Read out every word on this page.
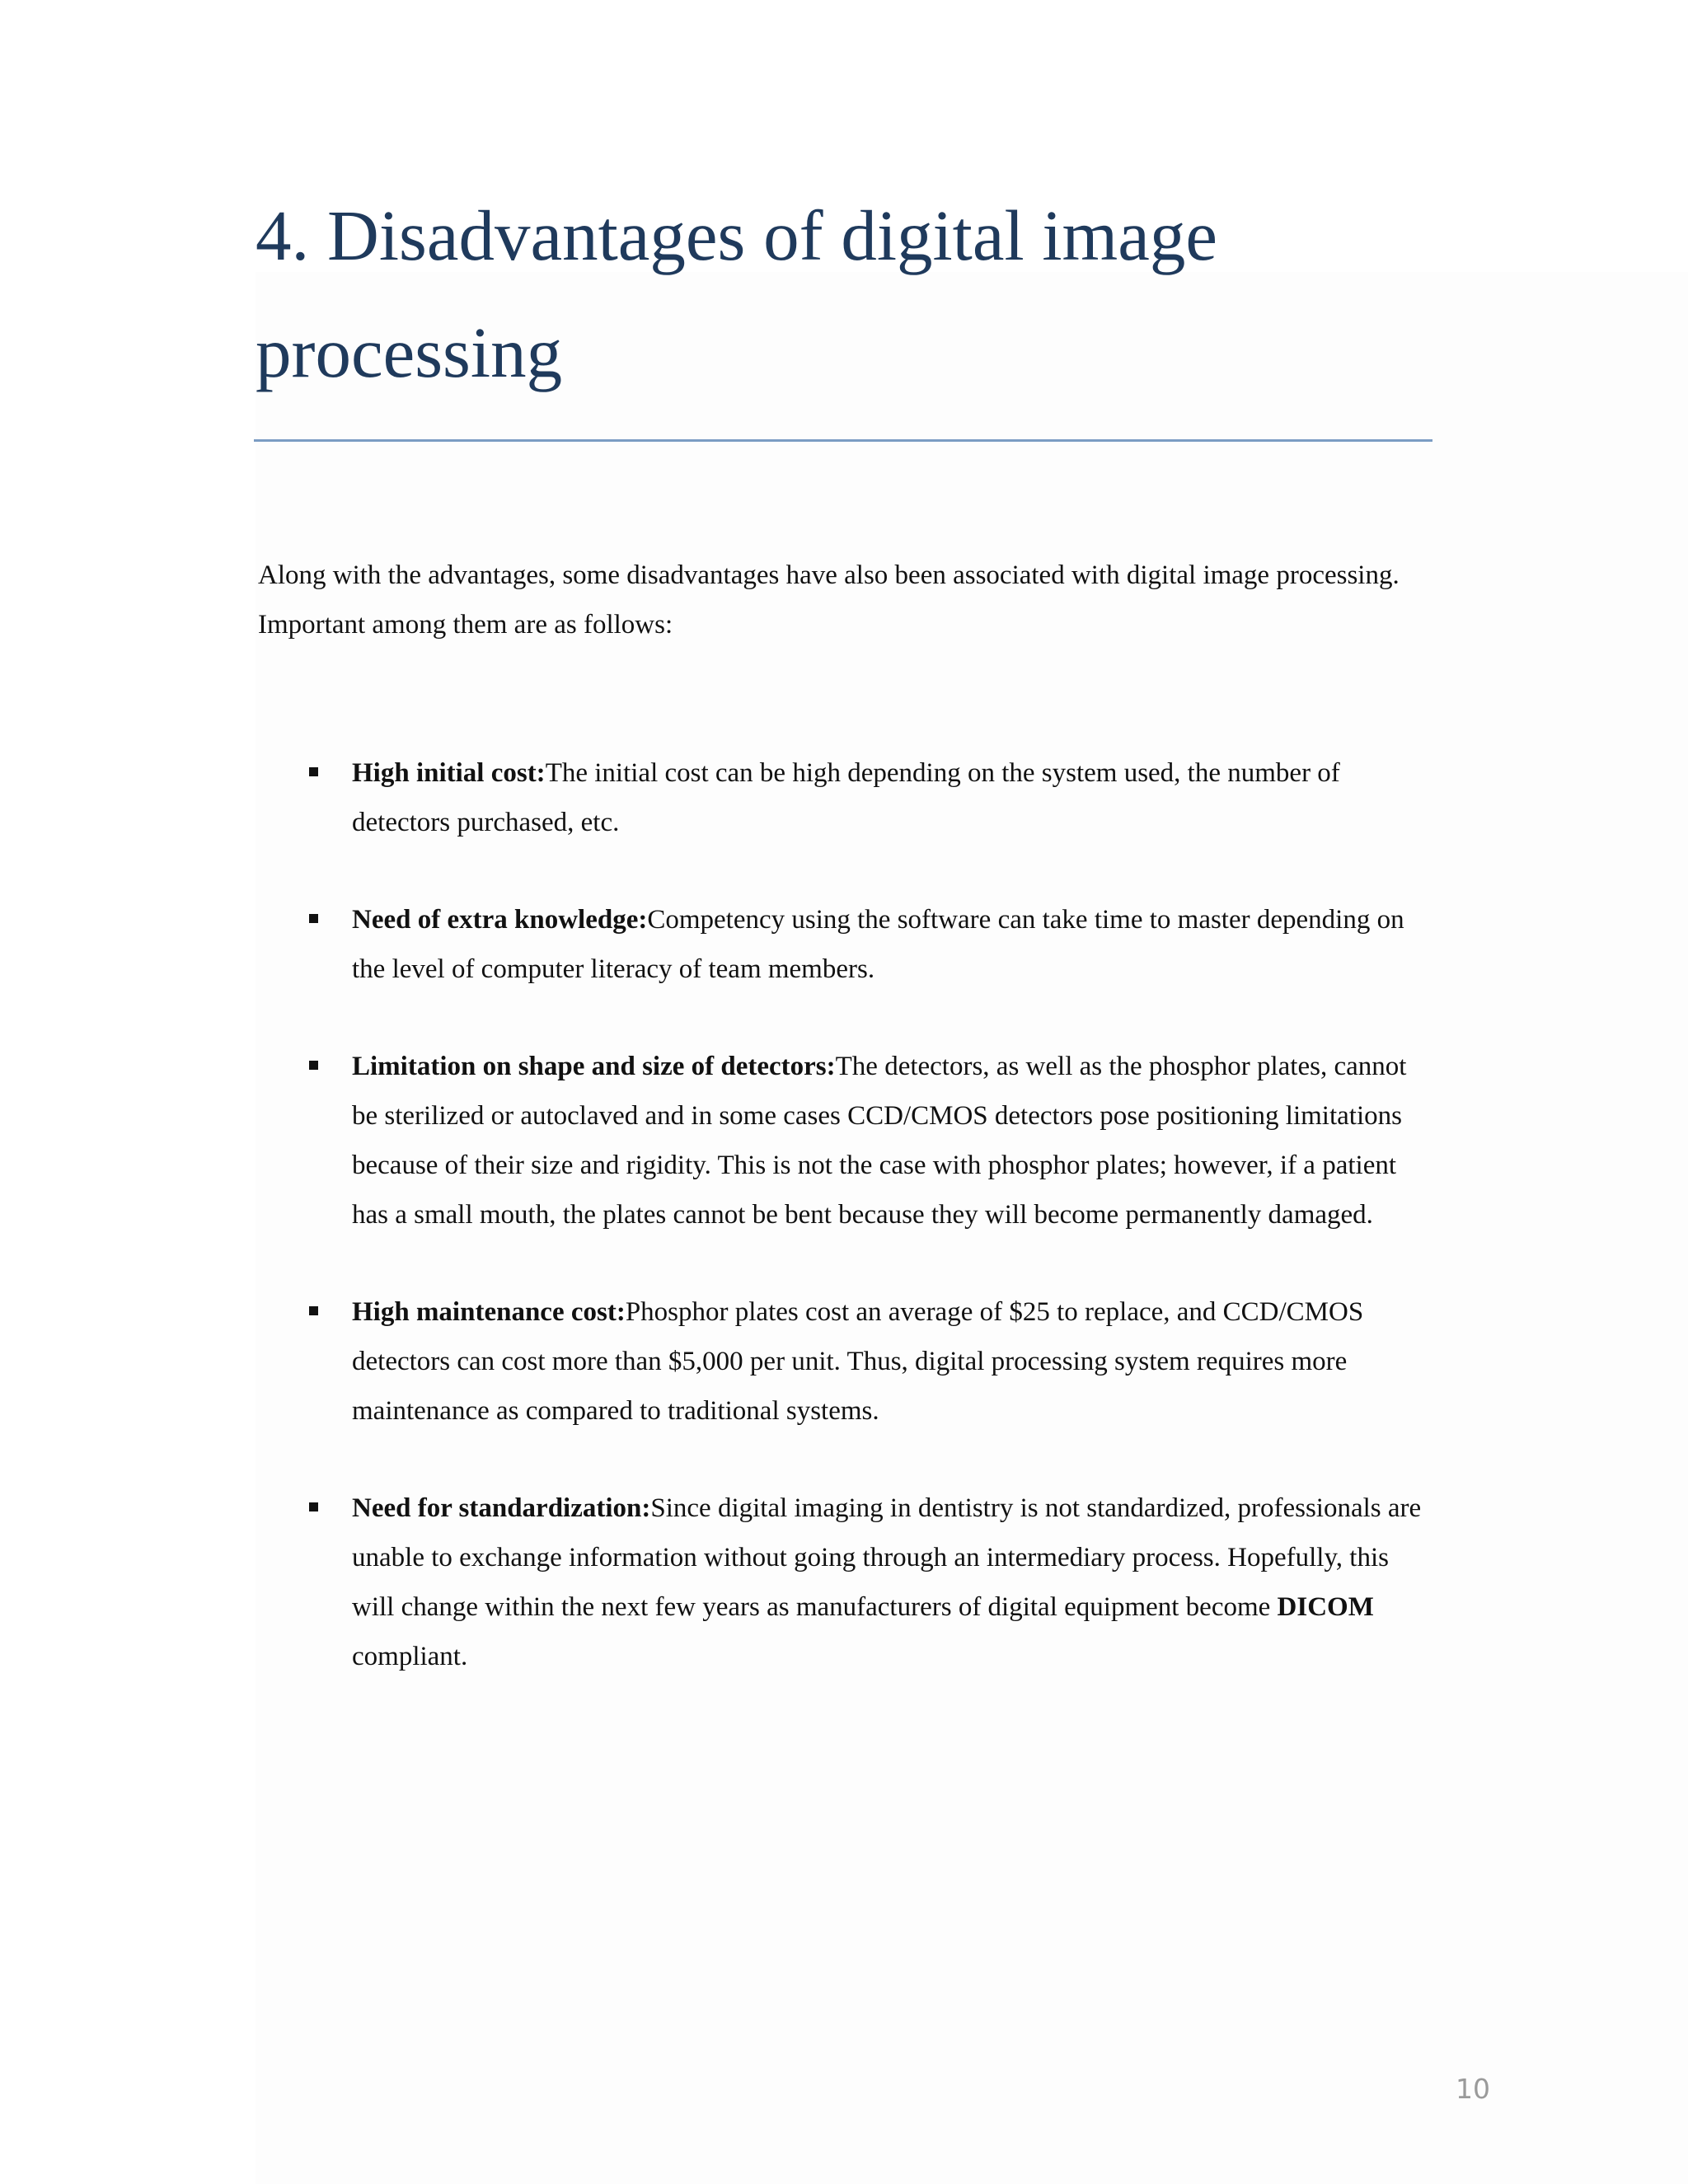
4. Disadvantages of digital image processing

Along with the advantages, some disadvantages have also been associated with digital image processing. Important among them are as follows:

High initial cost:The initial cost can be high depending on the system used, the number of detectors purchased, etc.
Need of extra knowledge:Competency using the software can take time to master depending on the level of computer literacy of team members.
Limitation on shape and size of detectors:The detectors, as well as the phosphor plates, cannot be sterilized or autoclaved and in some cases CCD/CMOS detectors pose positioning limitations because of their size and rigidity. This is not the case with phosphor plates; however, if a patient has a small mouth, the plates cannot be bent because they will become permanently damaged.
High maintenance cost:Phosphor plates cost an average of $25 to replace, and CCD/CMOS detectors can cost more than $5,000 per unit. Thus, digital processing system requires more maintenance as compared to traditional systems.
Need for standardization:Since digital imaging in dentistry is not standardized, professionals are unable to exchange information without going through an intermediary process. Hopefully, this will change within the next few years as manufacturers of digital equipment become DICOM compliant.
10
